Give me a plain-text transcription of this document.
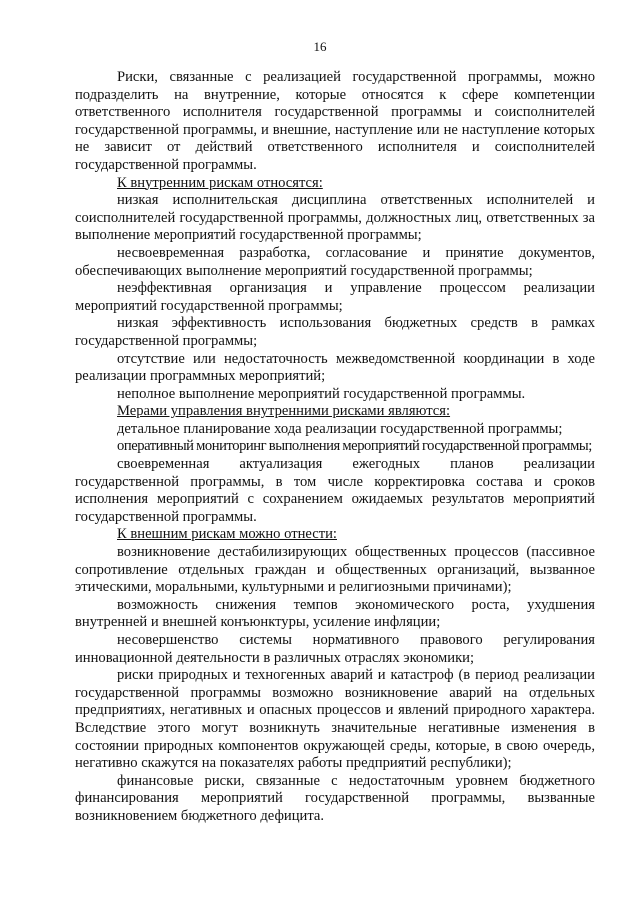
16

Риски, связанные с реализацией государственной программы, можно подразделить на внутренние, которые относятся к сфере компетенции ответственного исполнителя государственной программы и соисполнителей государственной программы, и внешние, наступление или не наступление которых не зависит от действий ответственного исполнителя и соисполнителей государственной программы.

К внутренним рискам относятся:

низкая исполнительская дисциплина ответственных исполнителей и соисполнителей государственной программы, должностных лиц, ответственных за выполнение мероприятий государственной программы;

несвоевременная разработка, согласование и принятие документов, обеспечивающих выполнение мероприятий государственной программы;

неэффективная организация и управление процессом реализации мероприятий государственной программы;

низкая эффективность использования бюджетных средств в рамках государственной программы;

отсутствие или недостаточность межведомственной координации в ходе реализации программных мероприятий;

неполное выполнение мероприятий государственной программы.

Мерами управления внутренними рисками являются:

детальное планирование хода реализации государственной программы;

оперативный мониторинг выполнения мероприятий государственной программы;

своевременная актуализация ежегодных планов реализации государственной программы, в том числе корректировка состава и сроков исполнения мероприятий с сохранением ожидаемых результатов мероприятий государственной программы.

К внешним рискам можно отнести:

возникновение дестабилизирующих общественных процессов (пассивное сопротивление отдельных граждан и общественных организаций, вызванное этическими, моральными, культурными и религиозными причинами);

возможность снижения темпов экономического роста, ухудшения внутренней и внешней конъюнктуры, усиление инфляции;

несовершенство системы нормативного правового регулирования инновационной деятельности в различных отраслях экономики;

риски природных и техногенных аварий и катастроф (в период реализации государственной программы возможно возникновение аварий на отдельных предприятиях, негативных и опасных процессов и явлений природного характера. Вследствие этого могут возникнуть значительные негативные изменения в состоянии природных компонентов окружающей среды, которые, в свою очередь, негативно скажутся на показателях работы предприятий республики);

финансовые риски, связанные с недостаточным уровнем бюджетного финансирования мероприятий государственной программы, вызванные возникновением бюджетного дефицита.
